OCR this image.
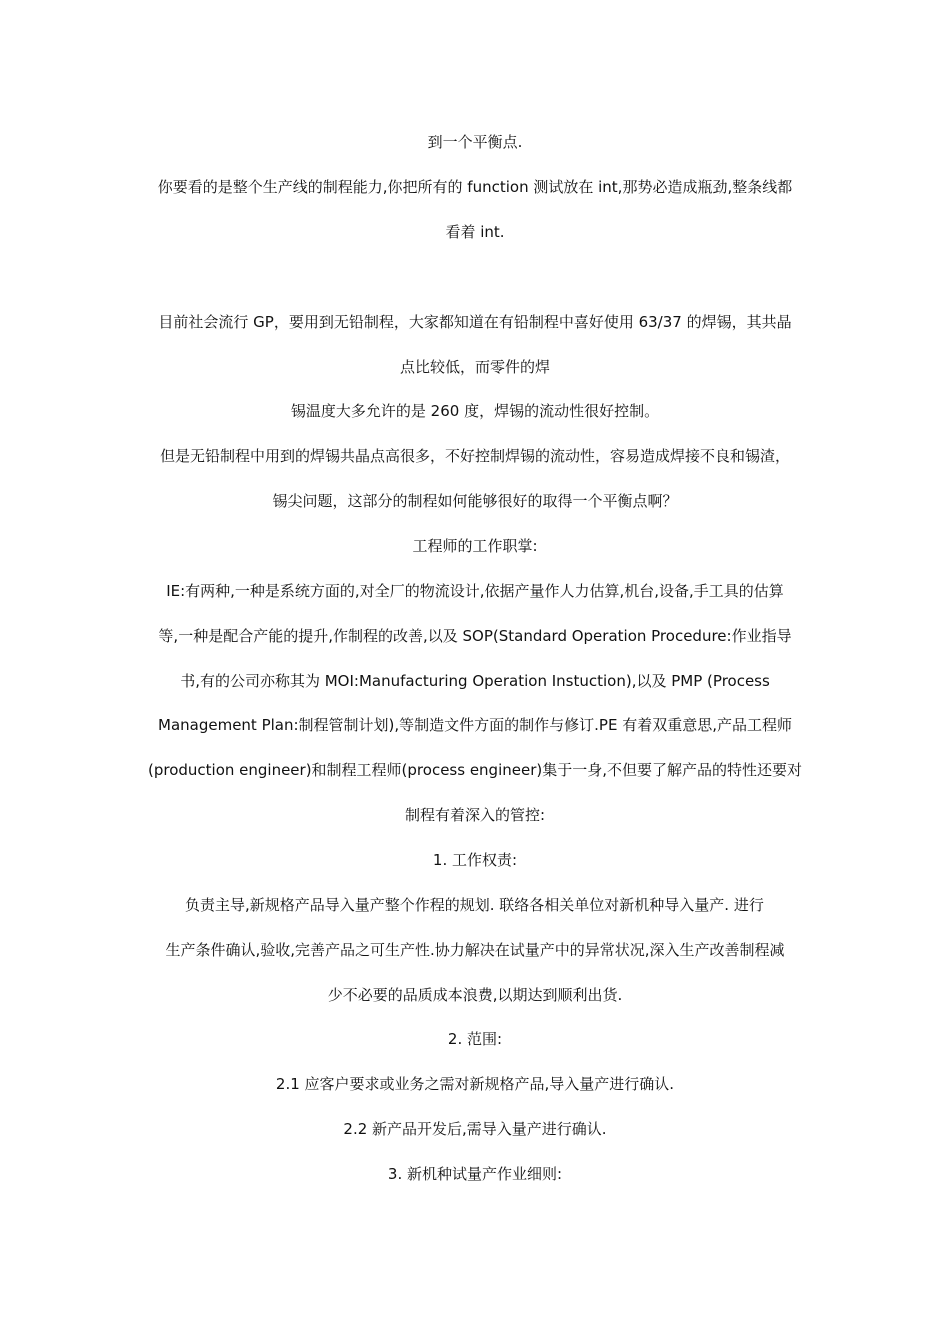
到一个平衡点.
你要看的是整个生产线的制程能力,你把所有的 function 测试放在 int,那势必造成瓶劲,整条线都
看着 int.
目前社会流行 GP，要用到无铅制程，大家都知道在有铅制程中喜好使用 63/37 的焊锡，其共晶
点比较低，而零件的焊
锡温度大多允许的是 260 度，焊锡的流动性很好控制。
但是无铅制程中用到的焊锡共晶点高很多，不好控制焊锡的流动性，容易造成焊接不良和锡渣，
锡尖问题，这部分的制程如何能够很好的取得一个平衡点啊？
工程师的工作职掌:
IE:有两种,一种是系统方面的,对全厂的物流设计,依据产量作人力估算,机台,设备,手工具的估算
等,一种是配合产能的提升,作制程的改善,以及 SOP(Standard Operation Procedure:作业指导
书,有的公司亦称其为 MOI:Manufacturing Operation Instuction),以及 PMP (Process
Management Plan:制程管制计划),等制造文件方面的制作与修订.PE 有着双重意思,产品工程师
(production engineer)和制程工程师(process engineer)集于一身,不但要了解产品的特性还要对
制程有着深入的管控:
1. 工作权责:
负责主导,新规格产品导入量产整个作程的规划. 联络各相关单位对新机种导入量产. 进行
生产条件确认,验收,完善产品之可生产性.协力解决在试量产中的异常状况,深入生产改善制程减
少不必要的品质成本浪费,以期达到顺利出货.
2. 范围:
2.1 应客户要求或业务之需对新规格产品,导入量产进行确认.
2.2 新产品开发后,需导入量产进行确认.
3. 新机种试量产作业细则:
